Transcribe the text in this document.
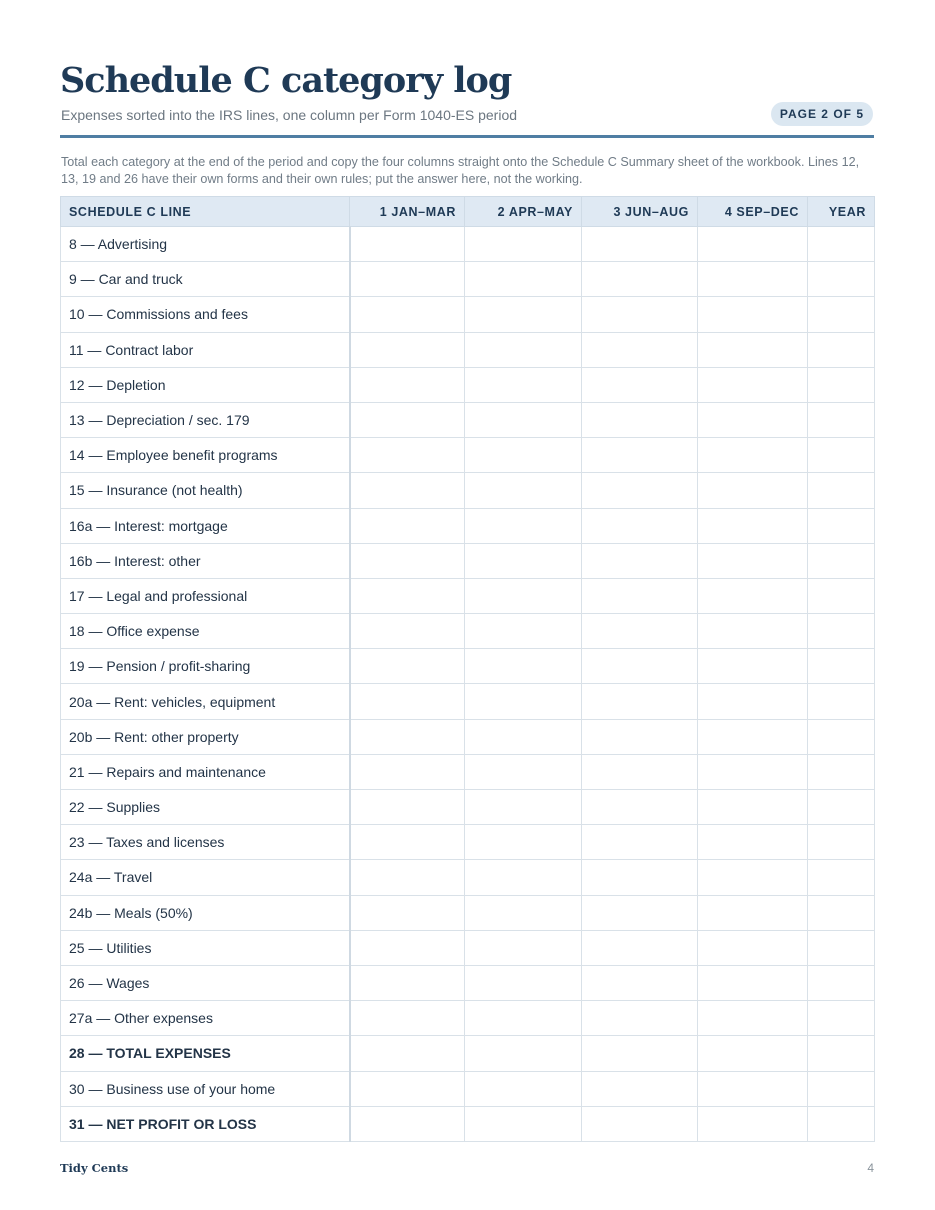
Schedule C category log
Expenses sorted into the IRS lines, one column per Form 1040-ES period	PAGE 2 OF 5

Total each category at the end of the period and copy the four columns straight onto the Schedule C Summary sheet of the workbook. Lines 12, 13, 19 and 26 have their own forms and their own rules; put the answer here, not the working.

SCHEDULE C LINE	1 JAN–MAR	2 APR–MAY	3 JUN–AUG	4 SEP–DEC	YEAR
8 — Advertising					
9 — Car and truck					
10 — Commissions and fees					
11 — Contract labor					
12 — Depletion					
13 — Depreciation / sec. 179					
14 — Employee benefit programs					
15 — Insurance (not health)					
16a — Interest: mortgage					
16b — Interest: other					
17 — Legal and professional					
18 — Office expense					
19 — Pension / profit-sharing					
20a — Rent: vehicles, equipment					
20b — Rent: other property					
21 — Repairs and maintenance					
22 — Supplies					
23 — Taxes and licenses					
24a — Travel					
24b — Meals (50%)					
25 — Utilities					
26 — Wages					
27a — Other expenses					
28 — TOTAL EXPENSES					
30 — Business use of your home					
31 — NET PROFIT OR LOSS					
Tidy Cents	4
